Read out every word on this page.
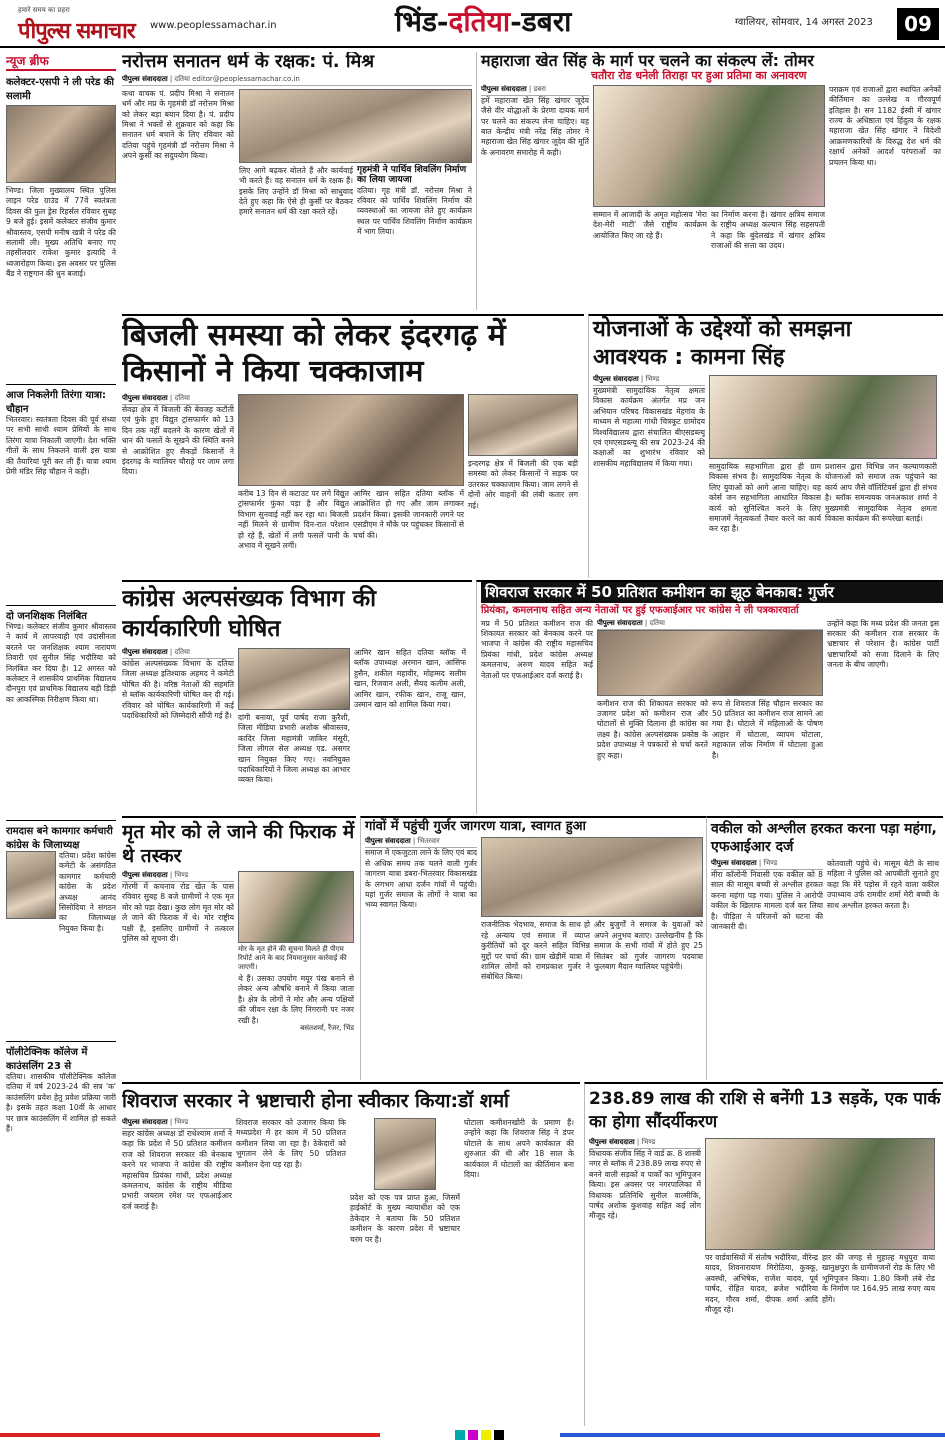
हमारे समय का प्रहरा
पीपुल्स समाचार www.peoplessamachar.in	भिंड-दतिया-डबरा	ग्वालियर, सोमवार, 14 अगस्त 2023	09
न्यूज ब्रीफ
कलेक्टर-एसपी ने ली परेड की सलामी
भिण्ड। जिला मुख्यालय स्थित पुलिस लाइन परेड ग्राउंड में 77वें स्वतंत्रता दिवस की फुल ड्रेस रिहर्सल रविवार सुबह 9 बजे हुई। इसमें कलेक्टर संजीव कुमार श्रीवास्तव, एसपी मनीष खत्री ने परेड की सलामी ली। मुख्य अतिथि बनाए गए तहसीलदार राकेश कुमार इत्यादि ने ध्वजारोहण किया। इस अवसर पर पुलिस बैंड ने राष्ट्रगान की धुन बजाई।
आज निकलेगी तिरंगा यात्रा: चौहान
भितरवार। स्वतंत्रता दिवस की पूर्व संध्या पर सभी साथी श्याम प्रेमियों के साथ तिरंगा यात्रा निकाली जाएगी। देश भक्ति गीतों के साथ निकलने वाली इस यात्रा की तैयारियां पूरी कर ली हैं। यात्रा श्याम प्रेमी मंडिर सिंह चौहान ने कही।
दो जनशिक्षक निलंबित
भिण्ड। कलेक्टर संजीव कुमार श्रीवास्तव ने कार्य में लापरवाही एवं उदासीनता बरतने पर जनशिक्षक श्याम नारायण तिवारी एवं सुनील सिंह भदौरिया को निलंबित कर दिया है। 12 अगस्त को कलेक्टर ने शासकीय प्राथमिक विद्यालय दौनपुरा एवं प्राथमिक विद्यालय बड़ी डिड़ी का आकस्मिक निरीक्षण किया था।
रामदास बने कामगार कर्मचारी कांग्रेस के जिलाध्यक्ष
दतिया। प्रदेश कांग्रेस कमेटी के असंगठित कामगार कर्मचारी कांग्रेस के प्रदेश अध्यक्ष आनंद सिसोदिया ने संगठन का जिलाध्यक्ष नियुक्त किया है।
पॉलीटेक्निक कॉलेज में काउंसलिंग 23 से
दतिया। शासकीय पॉलीटेक्निक कॉलेज दतिया में वर्ष 2023-24 की सत्र 'क' काउंसलिंग प्रवेश हेतु प्रवेश प्रक्रिया जारी है। इसके तहत कक्षा 10वीं के आधार पर छात्र काउंसलिंग में शामिल हो सकते हैं।
नरोत्तम सनातन धर्म के रक्षक: पं. मिश्र
पीपुल्स संवाददाता | दतिया editor@peoplessamachar.co.in
कथा वाचक पं. प्रदीप मिश्रा ने सनातन धर्म और मप्र के गृहमंत्री डॉ नरोत्तम मिश्रा को लेकर बड़ा बयान दिया है। पं. प्रदीप मिश्रा ने भक्तों से शुक्रवार को कहा कि सनातन धर्म बचाने के लिए रविवार को दतिया पहुंचे गृहमंत्री डॉ नरोत्तम मिश्रा ने अपने कुर्सी का सदुपयोग किया।
लिए आगे बढ़कर बोलते हैं और कार्यवाई भी करते हैं। वह सनातन धर्म के रक्षक हैं। इसके लिए उन्होंने डॉ मिश्रा को साधुवाद देते हुए कहा कि ऐसे ही कुर्सी पर बैठकर हमारे सनातन धर्म की रक्षा करते रहें।
गृहमंत्री ने पार्थिव शिवलिंग निर्माण का लिया जायजा
दतिया। गृह मंत्री डॉ. नरोत्तम मिश्रा ने रविवार को पार्थिव शिवलिंग निर्माण की व्यवस्थाओं का जायजा लेते हुए कार्यक्रम स्थल पर पार्थिव शिवलिंग निर्माण कार्यक्रम में भाग लिया।
महाराजा खेत सिंह के मार्ग पर चलने का संकल्प लें: तोमर
चतौरा रोड धनेली तिराहा पर हुआ प्रतिमा का अनावरण
पीपुल्स संवाददाता | डबरा
हमें महाराजा खेत सिंह खंगार जूदेव जैसे वीर योद्धाओं के प्रेरणा दायक मार्ग पर चलने का संकल्प लेना चाहिए। यह बात केन्द्रीय मंत्री नरेंद्र सिंह तोमर ने महाराजा खेत सिंह खंगार जूदेव की मूर्ति के अनावरण समारोह में कही।
सम्मान में आजादी के अमृत महोत्सव 'मेरा देश-मेरी माटी' जैसे राष्ट्रीय कार्यक्रम आयोजित किए जा रहे हैं।
का निर्माण करना है। खंगार क्षत्रिय समाज के राष्ट्रीय अध्यक्ष कल्यान सिंह सहसपती ने कहा कि बुंदेलखंड में खंगार क्षत्रिय राजाओं की सत्ता का उदय।
पराक्रम एवं राजाओं द्वारा स्थापित अनेकों कीर्तिमान का उल्लेख व गौरवपूर्ण इतिहास है। सन 1182 ईस्वी में खंगार राज्य के अधिष्ठाता एवं हिंदुत्व के रक्षक महाराजा खेत सिंह खंगार ने विदेशी आक्रमणकारियों के विरुद्ध देश धर्म की रक्षार्थ अनेकों आदर्श परंपराओं का प्रचलन किया था।
बिजली समस्या को लेकर इंदरगढ़ में किसानों ने किया चक्काजाम
पीपुल्स संवाददाता | दतिया
सेवढ़ा क्षेत्र में बिजली की बेवजह कटौती एवं फुंके हुए विद्युत ट्रांसफार्मर को 13 दिन तक नहीं बदलने के कारण खेतों में धान की फसलें के सूखने की स्थिति बनने से आक्रोशित हुए सैकड़ों किसानों ने इंदरगढ़ के ग्वालियर चौराहे पर जाम लगा दिया।
करीब 13 दिन से कटाउट पर लगे विद्युत ट्रांसफार्मर फुंका पड़ा है और विद्युत विभाग सुनवाई नहीं कर रहा था। बिजली नहीं मिलने से ग्रामीण दिन-रात परेशान हो रहे हैं, खेतों में लगी फसलें पानी के अभाव में सूखने लगीं।
आमिर खान सहित दतिया ब्लॉक में आक्रोशित हो गए और जाम लगाकर प्रदर्शन किया। इसकी जानकारी लगने पर एसडीएम ने मौके पर पहुंचकर किसानों से चर्चा की।
इन्दरगढ़ क्षेत्र में बिजली की एक बड़ी समस्या को लेकर किसानों ने सड़क पर उतरकर चक्काजाम किया। जाम लगने से दोनों ओर वाहनों की लंबी कतार लग गई।
योजनाओं के उद्देश्यों को समझना
आवश्यक : कामना सिंह
पीपुल्स संवाददाता | भिण्ड
मुख्यमंत्री सामुदायिक नेतृत्व क्षमता विकास कार्यक्रम अंतर्गत मप्र जन अभियान परिषद विकासखंड मेहगांव के माध्यम से महात्मा गांधी चित्रकूट ग्रामोदय विश्वविद्यालय द्वारा संचालित बीएसडब्ल्यू एवं एमएसडब्ल्यू की सत्र 2023-24 की कक्षाओं का शुभारंभ रविवार को शासकीय महाविद्यालय में किया गया।	सामुदायिक सहभागिता द्वारा ही ग्राम विकास संभव है। सामुदायिक नेतृत्व के लिए युवाओं को आगे आना चाहिए। यह कोर्स जन सहभागिता आधारित विकास कार्य को सुनिश्चित करने के लिए समाजमें नेतृत्वकर्ता तैयार करने का कार्य कर रहा है।
प्रशासन द्वारा विभिन्न जन कल्याणकारी योजनाओं को समाज तक पहुंचाने का कार्य आप जैसे वॉलिंटियर्स द्वारा ही संभव है। ब्लॉक समन्वयक जनअकाश शर्मा ने मुख्यमंत्री सामुदायिक नेतृत्व क्षमता विकास कार्यक्रम की रूपरेखा बताई।
कांग्रेस अल्पसंख्यक विभाग की कार्यकारिणी घोषित
पीपुल्स संवाददाता | दतिया
कांग्रेस अल्पसंख्यक विभाग के दतिया जिला अध्यक्ष इतिश्याक अहमद ने कमेटी घोषित की है। वरिष्ठ नेताओं की सहमति से ब्लॉक कार्यकारिणी घोषित कर दी गई। रविवार को घोषित कार्यकारिणी में कई पदाधिकारियों को जिम्मेदारी सौंपी गई है। दांगी बनाया, पूर्व पार्षद राजा कुरैशी, जिला मीडिया प्रभारी अशोक श्रीवास्तव, कादिर जिला महामंत्री जाकिर मंसूरी, जिला लीगल सेल अध्यक्ष एड. असगर खान नियुक्त किए गए। नवनियुक्त पदाधिकारियों ने जिला अध्यक्ष का आभार व्यक्त किया।
आमिर खान सहित दतिया ब्लॉक में ब्लॉक उपाध्यक्ष अरमान खान, आसिफ हुसैन, शकील महावीर, मोहम्मद सलीम खान, रिजवान अली, सैयद कलीम अली, आमिर खान, रफीक खान, राजू खान, उस्मान खान को शामिल किया गया।
शिवराज सरकार में 50 प्रतिशत कमीशन का झूठ बेनकाब: गुर्जर
प्रियंका, कमलनाथ सहित अन्य नेताओं पर हुई एफआईआर पर कांग्रेस ने ली पत्रकारवार्ता
मप्र में 50 प्रतिशत कमीशन राज की शिकायत सरकार को बेनकाब करने पर भाजपा ने कांग्रेस की राष्ट्रीय महासचिव प्रियंका गांधी, प्रदेश कांग्रेस अध्यक्ष कमलनाथ, अरुण यादव सहित कई नेताओं पर एफआईआर दर्ज कराई है।
पीपुल्स संवाददाता | दतिया
कमीशन राज की शिकायत सरकार को उजागर प्रदेश को कमीशन राज और घोटालों से मुक्ति दिलाना ही कांग्रेस का लक्ष्य है। कांग्रेस अल्पसंख्यक प्रकोष्ठ के प्रदेश उपाध्यक्ष ने पत्रकारों से चर्चा करते हुए कहा।
रूप से शिवराज सिंह चौहान सरकार का 50 प्रतिशत का कमीशन राज सामने आ गया है। घोटाले में महिलाओं के पोषण आहार में घोटाला, व्यापम घोटाला, महाकाल लोक निर्माण में घोटाला हुआ है।
उन्होंने कहा कि मध्य प्रदेश की जनता इस सरकार की कमीशन राज सरकार के भ्रष्टाचार से परेशान है। कांग्रेस पार्टी भ्रष्टाचारियों को सजा दिलाने के लिए जनता के बीच जाएगी।
मृत मोर को ले जाने की फिराक में थे तस्कर
पीपुल्स संवाददाता | भिण्ड
गोरमी में कचनाव रोड खेत के पास रविवार सुबह 8 बजे ग्रामीणों ने एक मृत मोर को पड़ा देखा। कुछ लोग मृत मोर को ले जाने की फिराक में थे। मोर राष्ट्रीय पक्षी है, इसलिए ग्रामीणों ने तत्काल पुलिस को सूचना दी।
मोर के मृत होने की सूचना मिलते ही पीएम रिपोर्ट आने के बाद नियमानुसार कार्रवाई की जाएगी।
थे हैं। उसका उपयोग मयूर पंख बनाने से लेकर अन्य औषधि बनाने में किया जाता है। क्षेत्र के लोगों ने मोर और अन्य पक्षियों की जीवन रक्षा के लिए निगरानी पर नजर रखी है।
बसंतशर्मा, रैंजर, भिंड
गांवों में पहुंची गुर्जर जागरण यात्रा, स्वागत हुआ
पीपुल्स संवाददाता | भितरवार
समाज में एकजुटता लाने के लिए एवं बाद से अधिक समय तक चलने वाली गुर्जर जागरण यात्रा डबरा-भितरवार विकासखंड के लगभग आधा दर्जन गांवों में पहुंची। यहां गुर्जर समाज के लोगों ने यात्रा का भव्य स्वागत किया।
राजनीतिक भेदभाव, समाज के साथ हो रहे अन्याय एवं समाज में व्याप्त कुरीतियों को दूर करने सहित विभिन्न मुद्दों पर चर्चा की। ग्राम खेड़ीमें यात्रा में शामिल लोगों को रामप्रकाश गुर्जर ने संबोधित किया।
और बुजुर्गों ने समाज के युवाओं को अपने अनुभव बताए। उल्लेखनीय है कि समाज के सभी गांवों में होते हुए 25 सितंबर को गुर्जर जागरण पदयात्रा फूलबाग मैदान ग्वालियर पहुंचेगी।
वकील को अश्लील हरकत करना पड़ा महंगा, एफआईआर दर्ज
पीपुल्स संवाददाता | भिण्ड
मीरा कॉलोनी निवासी एक वकील को 8 साल की मासूम बच्ची से अश्लील हरकत करना महंगा पड़ गया। पुलिस ने आरोपी वकील के खिलाफ मामला दर्ज कर लिया है। पीड़िता ने परिजनों को घटना की जानकारी दी।
कोतवाली पहुंचे थे। मासूम बेटी के साथ महिला ने पुलिस को आपबीती सुनाते हुए कहा कि मेरे पड़ोस में रहने वाला वकील उपाध्याय उर्फ रामवीर शर्मा मेरी बच्ची के साथ अश्लील हरकत करता है।
शिवराज सरकार ने भ्रष्टाचारी होना स्वीकार किया:डॉ शर्मा
पीपुल्स संवाददाता | भिण्ड
सहर कांग्रेस अध्यक्ष डॉ राधेश्याम शर्मा ने कहा कि प्रदेश में 50 प्रतिशत कमीशन राज को शिवराज सरकार की बेनकाब करने पर भाजपा ने कांग्रेस की राष्ट्रीय महासचिव प्रियंका गांधी, प्रदेश अध्यक्ष कमलनाथ, कांग्रेस के राष्ट्रीय मीडिया प्रभारी जयराम रमेश पर एफआईआर दर्ज कराई है।
शिवराज सरकार को उजागर किया कि मध्यप्रदेश में हर काम में 50 प्रतिशत कमीशन लिया जा रहा है। ठेकेदारों को भुगतान लेने के लिए 50 प्रतिशत कमीशन देना पड़ रहा है।
प्रदेश को एक पत्र प्राप्त हुआ, जिसमें हाईकोर्ट के मुख्य न्यायाधीश को एक ठेकेदार ने बताया कि 50 प्रतिशत कमीशन के कारण प्रदेश में भ्रष्टाचार चरम पर है।
घोटाला कमीशनखोरी के प्रमाण हैं। उन्होंने कहा कि शिवराज सिंह ने डंपर घोटाले के साथ अपने कार्यकाल की शुरुआत की थी और 18 साल के कार्यकाल में घोटालों का कीर्तिमान बना दिया।
238.89 लाख की राशि से बनेंगी 13 सड़कें, एक पार्क का होगा सौंदर्यीकरण
पीपुल्स संवाददाता | भिण्ड
विधायक संजीव सिंह ने वार्ड क्र. 8 शास्त्री नगर से ब्लॉक में 238.89 लाख रुपए से बनने वाली सड़कों व पार्कों का भूमिपूजन किया। इस अवसर पर नगरपालिका में विधायक प्रतिनिधि सुनील वाल्मीकि, पार्षद अशोक कुशवाह सहित कई लोग मौजूद रहे।
पर वार्डवासियों में संतोष भदौरिया, वीरेन्द्र यादव, शिवनारायण मिरोठिया, कुक्कू, अवस्थी, अभिषेक, राजेश यादव, पूर्व पार्षद, रोहित यादव, ब्रजेश भदौरिया मदन, गौरव शर्मा, दीपक शर्मा आदि मौजूद रहे।
हार की जगह से मुहाल्ह मधुपुरा वाया खानुक्षपुरा के ग्रामीणजनों रोड के लिए भी भूमिपूजन किया। 1.80 किमी लंबे रोड के निर्माण पर 164.95 लाख रुपए व्यय होंगे।
